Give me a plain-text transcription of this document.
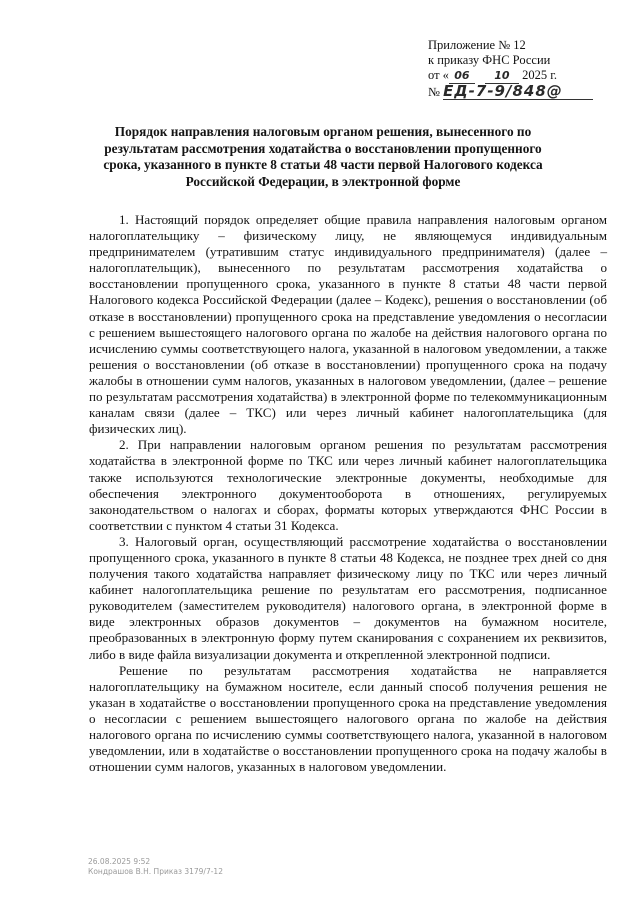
Приложение № 12
к приказу ФНС России
от « 06 10 2025 г.
№ ЕД-7-9/848@
Порядок направления налоговым органом решения, вынесенного по результатам рассмотрения ходатайства о восстановлении пропущенного срока, указанного в пункте 8 статьи 48 части первой Налогового кодекса Российской Федерации, в электронной форме

1. Настоящий порядок определяет общие правила направления налоговым органом налогоплательщику – физическому лицу, не являющемуся индивидуальным предпринимателем (утратившим статус индивидуального предпринимателя) (далее – налогоплательщик), вынесенного по результатам рассмотрения ходатайства о восстановлении пропущенного срока, указанного в пункте 8 статьи 48 части первой Налогового кодекса Российской Федерации (далее – Кодекс), решения о восстановлении (об отказе в восстановлении) пропущенного срока на представление уведомления о несогласии с решением вышестоящего налогового органа по жалобе на действия налогового органа по исчислению суммы соответствующего налога, указанной в налоговом уведомлении, а также решения о восстановлении (об отказе в восстановлении) пропущенного срока на подачу жалобы в отношении сумм налогов, указанных в налоговом уведомлении, (далее – решение по результатам рассмотрения ходатайства) в электронной форме по телекоммуникационным каналам связи (далее – ТКС) или через личный кабинет налогоплательщика (для физических лиц).

2. При направлении налоговым органом решения по результатам рассмотрения ходатайства в электронной форме по ТКС или через личный кабинет налогоплательщика также используются технологические электронные документы, необходимые для обеспечения электронного документооборота в отношениях, регулируемых законодательством о налогах и сборах, форматы которых утверждаются ФНС России в соответствии с пунктом 4 статьи 31 Кодекса.

3. Налоговый орган, осуществляющий рассмотрение ходатайства о восстановлении пропущенного срока, указанного в пункте 8 статьи 48 Кодекса, не позднее трех дней со дня получения такого ходатайства направляет физическому лицу по ТКС или через личный кабинет налогоплательщика решение по результатам его рассмотрения, подписанное руководителем (заместителем руководителя) налогового органа, в электронной форме в виде электронных образов документов – документов на бумажном носителе, преобразованных в электронную форму путем сканирования с сохранением их реквизитов, либо в виде файла визуализации документа и открепленной электронной подписи.

Решение по результатам рассмотрения ходатайства не направляется налогоплательщику на бумажном носителе, если данный способ получения решения не указан в ходатайстве о восстановлении пропущенного срока на представление уведомления о несогласии с решением вышестоящего налогового органа по жалобе на действия налогового органа по исчислению суммы соответствующего налога, указанной в налоговом уведомлении, или в ходатайстве о восстановлении пропущенного срока на подачу жалобы в отношении сумм налогов, указанных в налоговом уведомлении.

26.08.2025 9:52
Кондрашов В.Н. Приказ 3179/7-12
